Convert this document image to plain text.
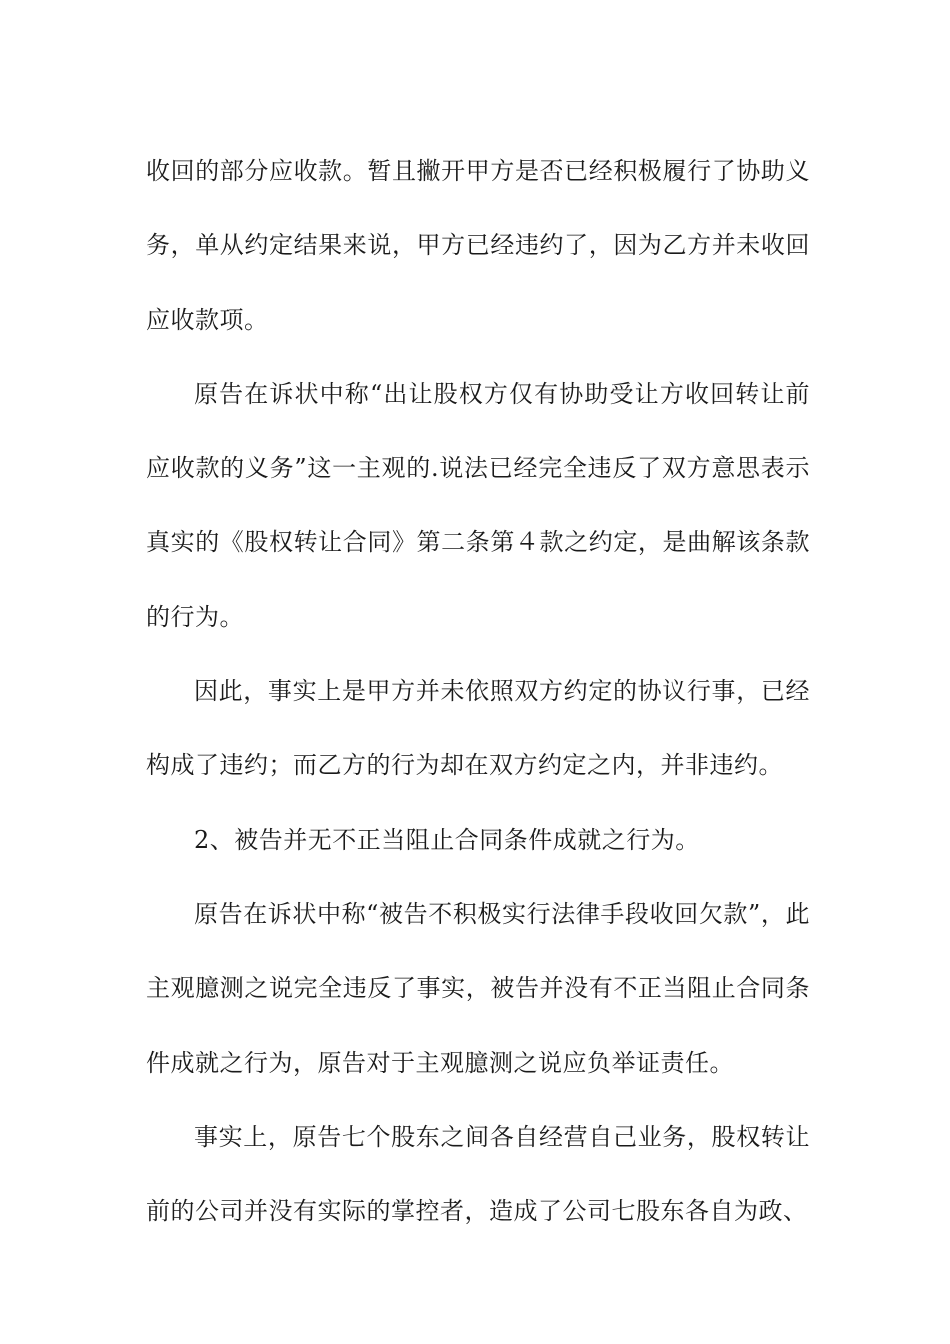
收回的部分应收款。暂且撇开甲方是否已经积极履行了协助义务，单从约定结果来说，甲方已经违约了，因为乙方并未收回应收款项。

原告在诉状中称“出让股权方仅有协助受让方收回转让前应收款的义务”这一主观的.说法已经完全违反了双方意思表示真实的《股权转让合同》第二条第４款之约定，是曲解该条款的行为。

因此，事实上是甲方并未依照双方约定的协议行事，已经构成了违约；而乙方的行为却在双方约定之内，并非违约。

2、被告并无不正当阻止合同条件成就之行为。

原告在诉状中称“被告不积极实行法律手段收回欠款”，此主观臆测之说完全违反了事实，被告并没有不正当阻止合同条件成就之行为，原告对于主观臆测之说应负举证责任。

事实上，原告七个股东之间各自经营自己业务，股权转让前的公司并没有实际的掌控者，造成了公司七股东各自为政、
